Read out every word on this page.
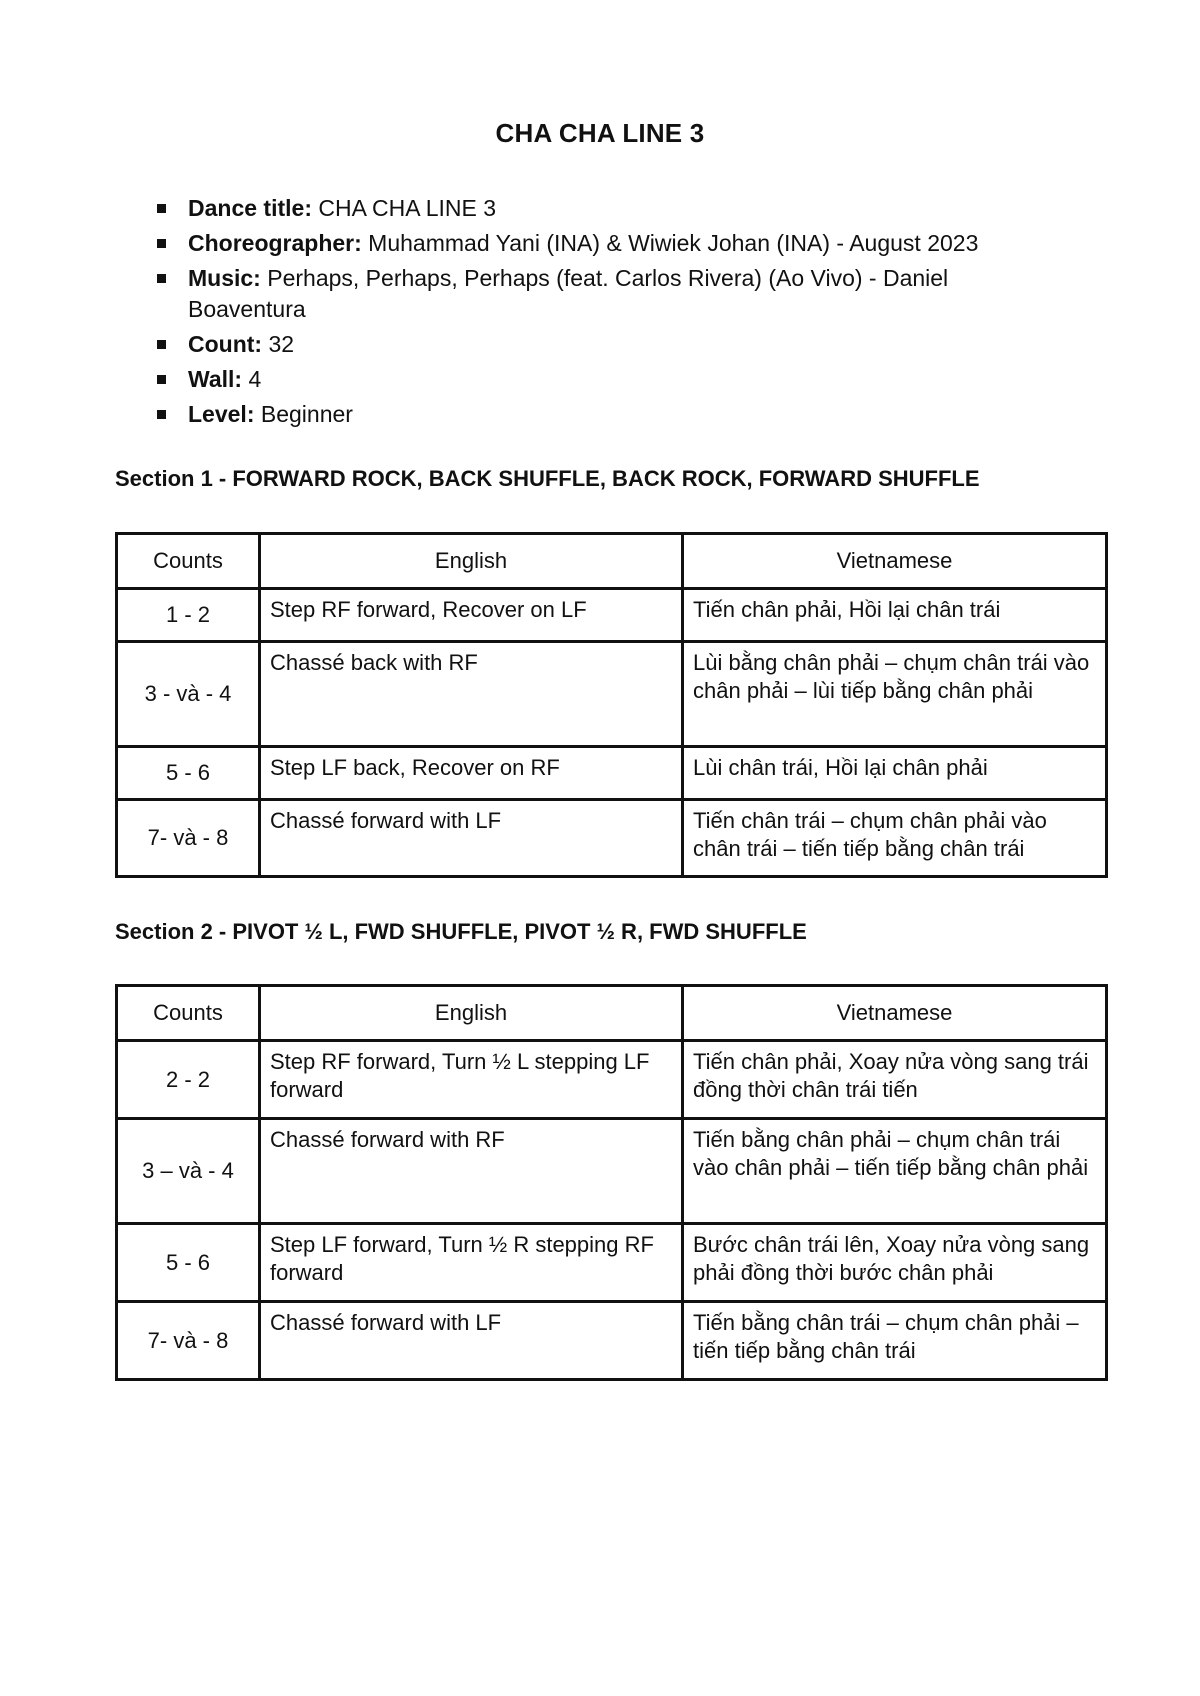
CHA CHA LINE 3
Dance title: CHA CHA LINE 3
Choreographer: Muhammad Yani (INA) & Wiwiek Johan (INA) - August 2023
Music: Perhaps, Perhaps, Perhaps (feat. Carlos Rivera) (Ao Vivo) - Daniel Boaventura
Count: 32
Wall: 4
Level: Beginner
Section 1 - FORWARD ROCK, BACK SHUFFLE, BACK ROCK, FORWARD SHUFFLE
Counts	English	Vietnamese
1 - 2	Step RF forward, Recover on LF	Tiến chân phải, Hồi lại chân trái
3 - và - 4	Chassé back with RF	Lùi bằng chân phải – chụm chân trái vào chân phải – lùi tiếp bằng chân phải
5 - 6	Step LF back, Recover on RF	Lùi chân trái, Hồi lại chân phải
7- và - 8	Chassé forward with LF	Tiến chân trái – chụm chân phải vào chân trái – tiến tiếp bằng chân trái
Section 2 - PIVOT ½ L, FWD SHUFFLE, PIVOT ½ R, FWD SHUFFLE
Counts	English	Vietnamese
2 - 2	Step RF forward, Turn ½ L stepping LF forward	Tiến chân phải, Xoay nửa vòng sang trái đồng thời chân trái tiến
3 – và - 4	Chassé forward with RF	Tiến bằng chân phải – chụm chân trái vào chân phải – tiến tiếp bằng chân phải
5 - 6	Step LF forward, Turn ½ R stepping RF forward	Bước chân trái lên, Xoay nửa vòng sang phải đồng thời bước chân phải
7- và - 8	Chassé forward with LF	Tiến bằng chân trái – chụm chân phải – tiến tiếp bằng chân trái
